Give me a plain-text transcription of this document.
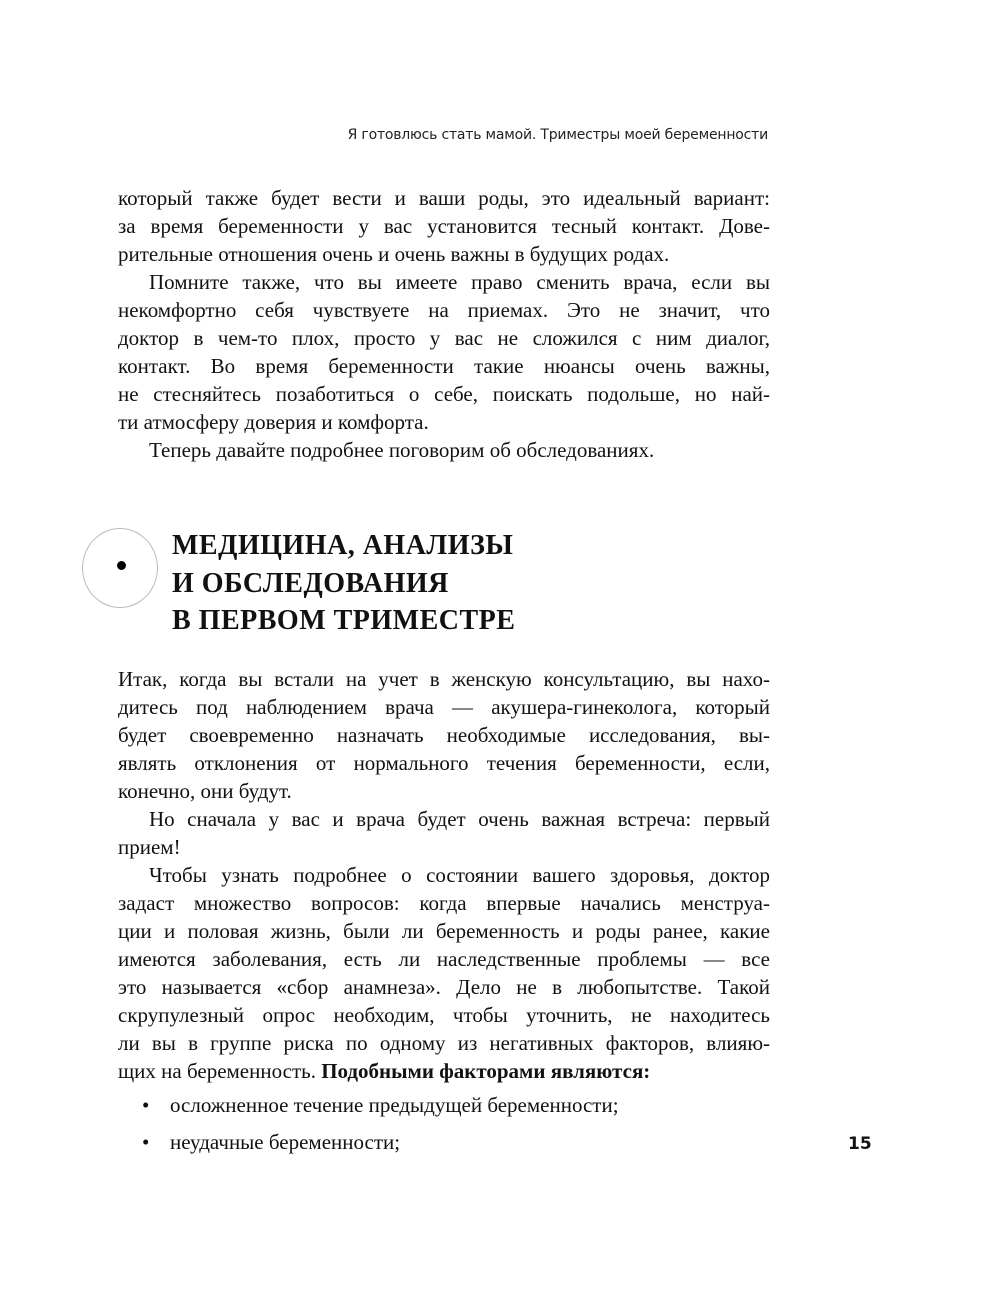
Я готовлюсь стать мамой. Триместры моей беременности
который также будет вести и ваши роды, это идеальный вариант:
за время беременности у вас установится тесный контакт. Дове-
рительные отношения очень и очень важны в будущих родах.
Помните также, что вы имеете право сменить врача, если вы
некомфортно себя чувствуете на приемах. Это не значит, что
доктор в чем-то плох, просто у вас не сложился с ним диалог,
контакт. Во время беременности такие нюансы очень важны,
не стесняйтесь позаботиться о себе, поискать подольше, но най-
ти атмосферу доверия и комфорта.
Теперь давайте подробнее поговорим об обследованиях.
МЕДИЦИНА, АНАЛИЗЫ
И ОБСЛЕДОВАНИЯ
В ПЕРВОМ ТРИМЕСТРЕ
Итак, когда вы встали на учет в женскую консультацию, вы нахо-
дитесь под наблюдением врача — акушера-гинеколога, который
будет своевременно назначать необходимые исследования, вы-
являть отклонения от нормального течения беременности, если,
конечно, они будут.
Но сначала у вас и врача будет очень важная встреча: первый
прием!
Чтобы узнать подробнее о состоянии вашего здоровья, доктор
задаст множество вопросов: когда впервые начались менструа-
ции и половая жизнь, были ли беременность и роды ранее, какие
имеются заболевания, есть ли наследственные проблемы — все
это называется «сбор анамнеза». Дело не в любопытстве. Такой
скрупулезный опрос необходим, чтобы уточнить, не находитесь
ли вы в группе риска по одному из негативных факторов, влияю-
щих на беременность. Подобными факторами являются:
• осложненное течение предыдущей беременности;
• неудачные беременности;	15
